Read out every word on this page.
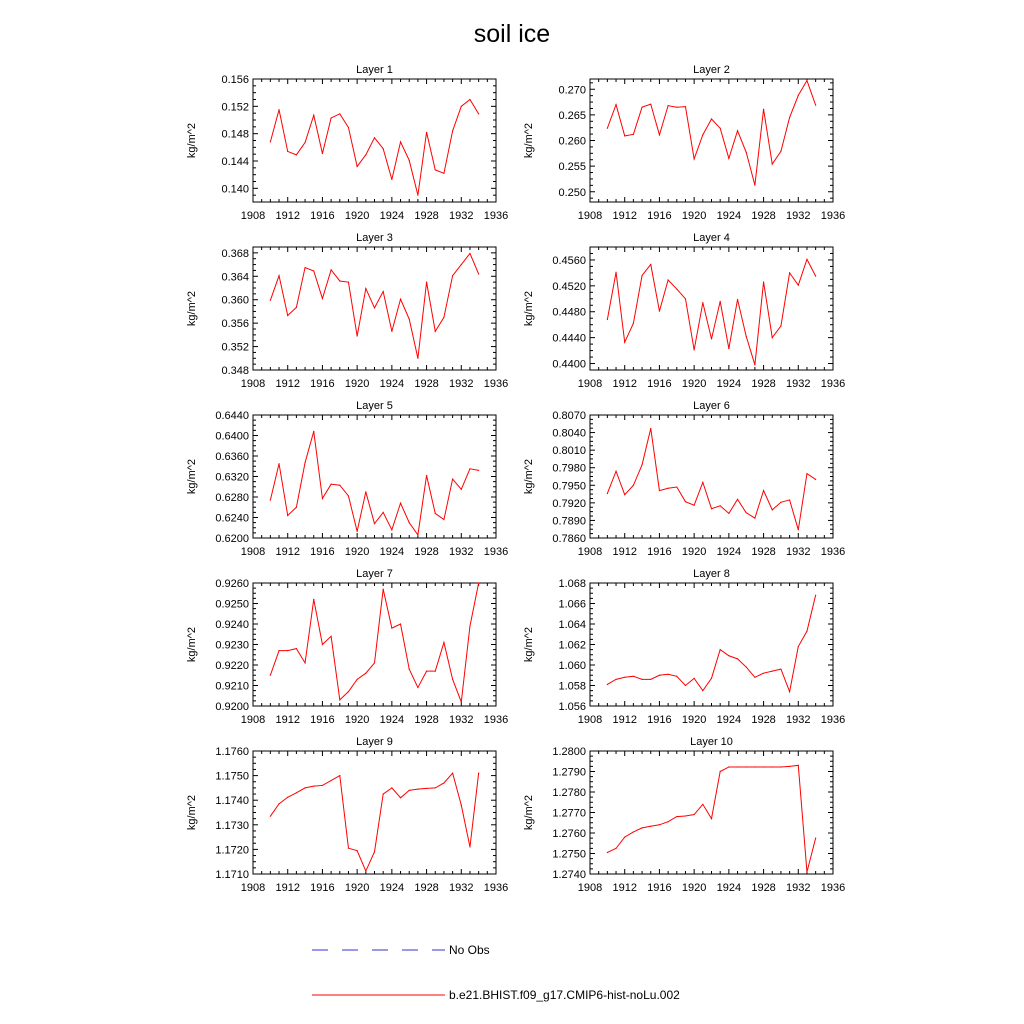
soil ice
Layer 1
1908 1912 1916 1920 1924 1928 1932 1936
0.140
0.144
0.148
0.152
0.156
kg/m^2
Layer 2
1908 1912 1916 1920 1924 1928 1932 1936
0.250
0.255
0.260
0.265
0.270
kg/m^2
Layer 3
1908 1912 1916 1920 1924 1928 1932 1936
0.348
0.352
0.356
0.360
0.364
0.368
kg/m^2
Layer 4
1908 1912 1916 1920 1924 1928 1932 1936
0.4400
0.4440
0.4480
0.4520
0.4560
kg/m^2
Layer 5
1908 1912 1916 1920 1924 1928 1932 1936
0.6200
0.6240
0.6280
0.6320
0.6360
0.6400
0.6440
kg/m^2
Layer 6
1908 1912 1916 1920 1924 1928 1932 1936
0.7860
0.7890
0.7920
0.7950
0.7980
0.8010
0.8040
0.8070
kg/m^2
Layer 7
1908 1912 1916 1920 1924 1928 1932 1936
0.9200
0.9210
0.9220
0.9230
0.9240
0.9250
0.9260
kg/m^2
Layer 8
1908 1912 1916 1920 1924 1928 1932 1936
1.056
1.058
1.060
1.062
1.064
1.066
1.068
kg/m^2
Layer 9
1908 1912 1916 1920 1924 1928 1932 1936
1.1710
1.1720
1.1730
1.1740
1.1750
1.1760
kg/m^2
Layer 10
1908 1912 1916 1920 1924 1928 1932 1936
1.2740
1.2750
1.2760
1.2770
1.2780
1.2790
1.2800
kg/m^2
No Obs
b.e21.BHIST.f09_g17.CMIP6-hist-noLu.002
